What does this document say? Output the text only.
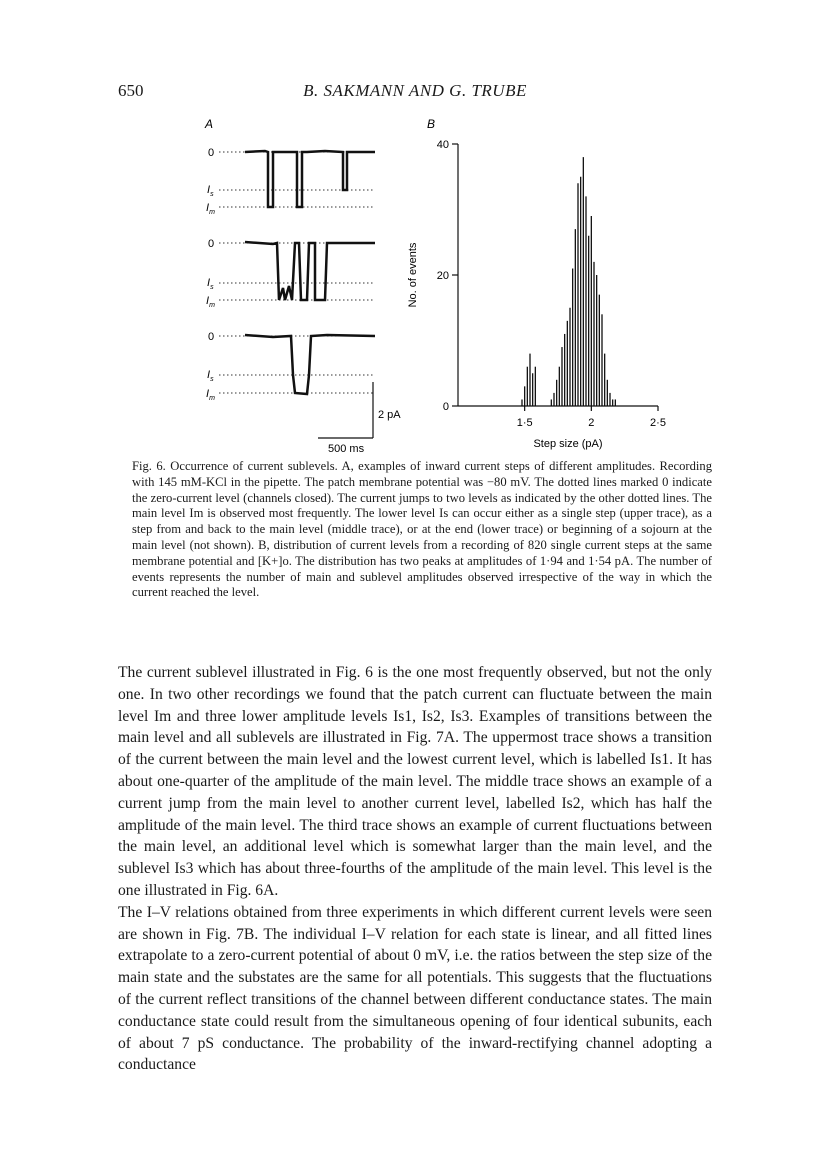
650	B. SAKMANN AND G. TRUBE
A
0
$I_s$
$I_m$
0
$I_s$
$I_m$
0
$I_s$
$I_m$
2 pA
500 ms
B
0
20
40
1·5	2	2·5
Step size (pA)
No. of events

Fig. 6. Occurrence of current sublevels. A, examples of inward current steps of different amplitudes. Recording with 145 mM-KCl in the pipette. The patch membrane potential was −80 mV. The dotted lines marked 0 indicate the zero-current level (channels closed). The current jumps to two levels as indicated by the other dotted lines. The main level Im is observed most frequently. The lower level Is can occur either as a single step (upper trace), as a step from and back to the main level (middle trace), or at the end (lower trace) or beginning of a sojourn at the main level (not shown). B, distribution of current levels from a recording of 820 single current steps at the same membrane potential and [K+]o. The distribution has two peaks at amplitudes of 1·94 and 1·54 pA. The number of events represents the number of main and sublevel amplitudes observed irrespective of the way in which the current reached the level.

The current sublevel illustrated in Fig. 6 is the one most frequently observed, but not the only one. In two other recordings we found that the patch current can fluctuate between the main level Im and three lower amplitude levels Is1, Is2, Is3. Examples of transitions between the main level and all sublevels are illustrated in Fig. 7A. The uppermost trace shows a transition of the current between the main level and the lowest current level, which is labelled Is1. It has about one-quarter of the amplitude of the main level. The middle trace shows an example of a current jump from the main level to another current level, labelled Is2, which has half the amplitude of the main level. The third trace shows an example of current fluctuations between the main level, an additional level which is somewhat larger than the main level, and the sublevel Is3 which has about three-fourths of the amplitude of the main level. This level is the one illustrated in Fig. 6A.

The I–V relations obtained from three experiments in which different current levels were seen are shown in Fig. 7B. The individual I–V relation for each state is linear, and all fitted lines extrapolate to a zero-current potential of about 0 mV, i.e. the ratios between the step size of the main state and the substates are the same for all potentials. This suggests that the fluctuations of the current reflect transitions of the channel between different conductance states. The main conductance state could result from the simultaneous opening of four identical subunits, each of about 7 pS conductance. The probability of the inward-rectifying channel adopting a conductance
